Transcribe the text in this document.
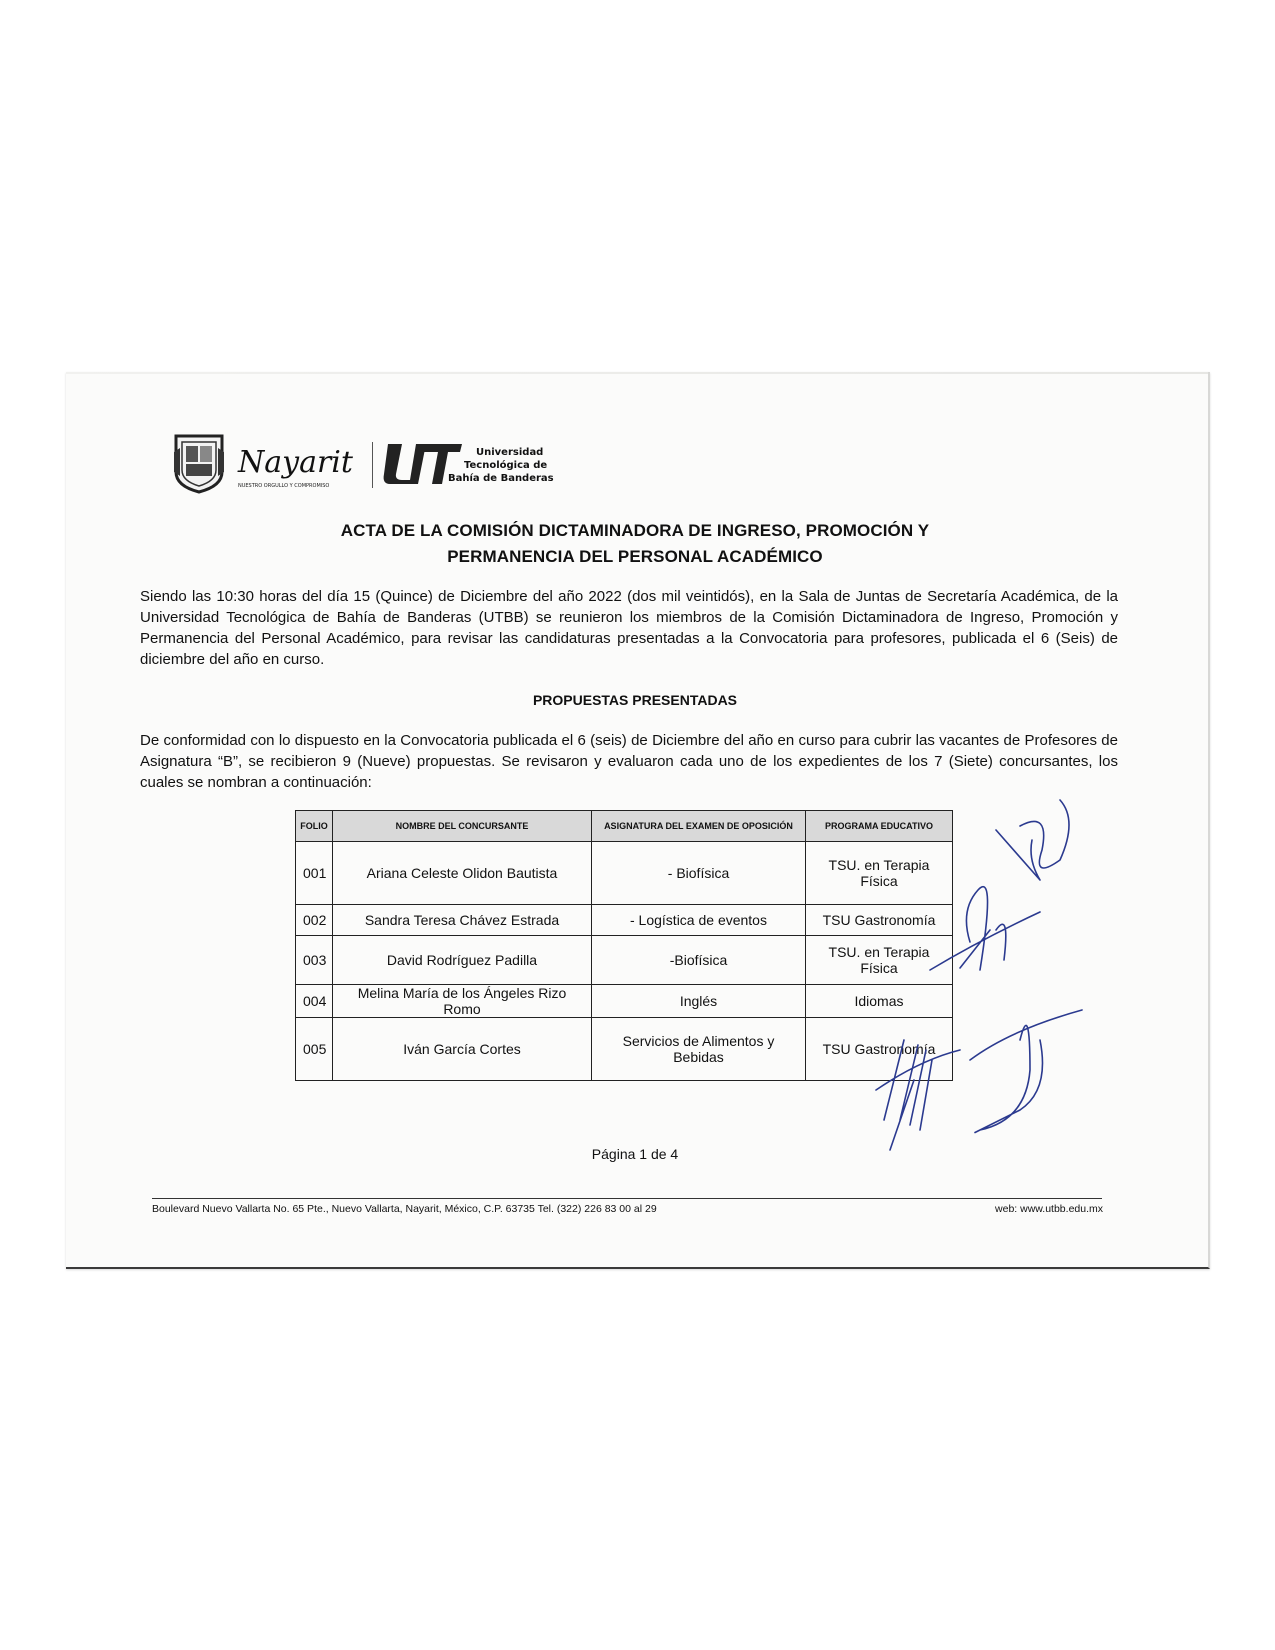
Nayarit
NUESTRO ORGULLO Y COMPROMISO
Universidad
Tecnológica de
Bahía de Banderas
ACTA DE LA COMISIÓN DICTAMINADORA DE INGRESO, PROMOCIÓN Y
PERMANENCIA DEL PERSONAL ACADÉMICO
Siendo las 10:30 horas del día 15 (Quince) de Diciembre del año 2022 (dos mil veintidós), en la Sala de Juntas de Secretaría Académica, de la Universidad Tecnológica de Bahía de Banderas (UTBB) se reunieron los miembros de la Comisión Dictaminadora de Ingreso, Promoción y Permanencia del Personal Académico, para revisar las candidaturas presentadas a la Convocatoria para profesores, publicada el 6 (Seis) de diciembre del año en curso.
PROPUESTAS PRESENTADAS
De conformidad con lo dispuesto en la Convocatoria publicada el 6 (seis) de Diciembre del año en curso para cubrir las vacantes de Profesores de Asignatura “B”, se recibieron 9 (Nueve) propuestas. Se revisaron y evaluaron cada uno de los expedientes de los 7 (Siete) concursantes, los cuales se nombran a continuación:
FOLIO	NOMBRE DEL CONCURSANTE	ASIGNATURA DEL EXAMEN DE OPOSICIÓN	PROGRAMA EDUCATIVO
001	Ariana Celeste Olidon Bautista	- Biofísica	TSU. en Terapia Física
002	Sandra Teresa Chávez Estrada	- Logística de eventos	TSU Gastronomía
003	David Rodríguez Padilla	-Biofísica	TSU. en Terapia Física
004	Melina María de los Ángeles Rizo Romo	Inglés	Idiomas
005	Iván García Cortes	Servicios de Alimentos y Bebidas	TSU Gastronomía
Página 1 de 4
Boulevard Nuevo Vallarta No. 65 Pte., Nuevo Vallarta, Nayarit, México, C.P. 63735 Tel. (322) 226 83 00 al 29	web: www.utbb.edu.mx
